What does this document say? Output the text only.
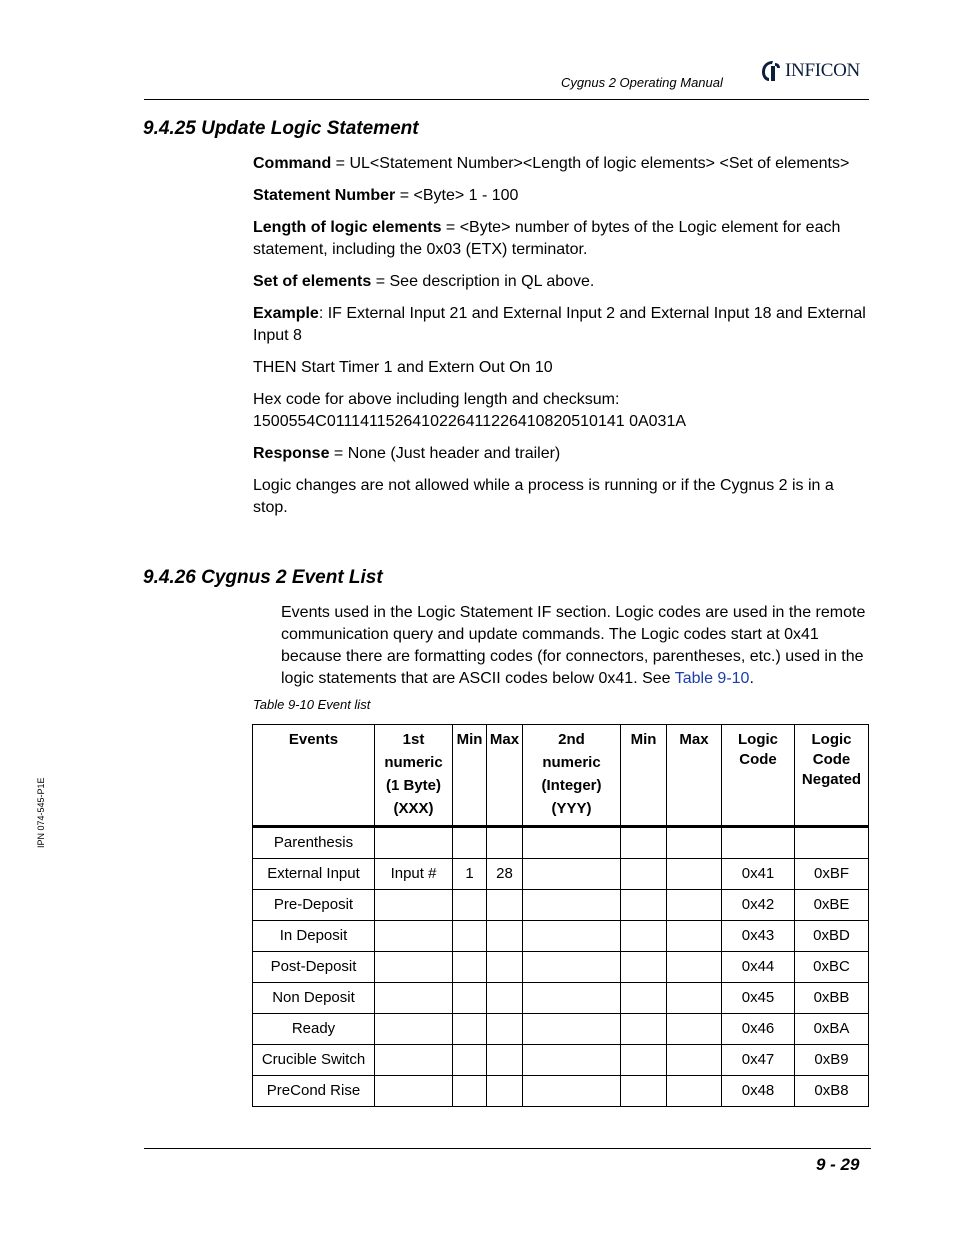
Cygnus 2 Operating Manual
INFICON
IPN 074-545-P1E
9.4.25 Update Logic Statement

Command = UL<Statement Number><Length of logic elements> <Set of elements>

Statement Number = <Byte> 1 - 100

Length of logic elements = <Byte> number of bytes of the Logic element for each statement, including the 0x03 (ETX) terminator.

Set of elements = See description in QL above.

Example: IF External Input 21 and External Input 2 and External Input 18 and External Input 8

THEN Start Timer 1 and Extern Out On 10

Hex code for above including length and checksum:
1500554C0111411526410226411226410820510141 0A031A

Response = None (Just header and trailer)

Logic changes are not allowed while a process is running or if the Cygnus 2 is in a stop.

9.4.26 Cygnus 2 Event List

Events used in the Logic Statement IF section. Logic codes are used in the remote communication query and update commands. The Logic codes start at 0x41 because there are formatting codes (for connectors, parentheses, etc.) used in the logic statements that are ASCII codes below 0x41. See Table 9-10.

Table 9-10 Event list
Events	1st
numeric
(1 Byte)
(XXX)	Min	Max	2nd
numeric
(Integer)
(YYY)	Min	Max	Logic
Code	Logic
Code
Negated
Parenthesis								
External Input	Input #	1	28				0x41	0xBF
Pre-Deposit							0x42	0xBE
In Deposit							0x43	0xBD
Post-Deposit							0x44	0xBC
Non Deposit							0x45	0xBB
Ready							0x46	0xBA
Crucible Switch							0x47	0xB9
PreCond Rise							0x48	0xB8
9 - 29
